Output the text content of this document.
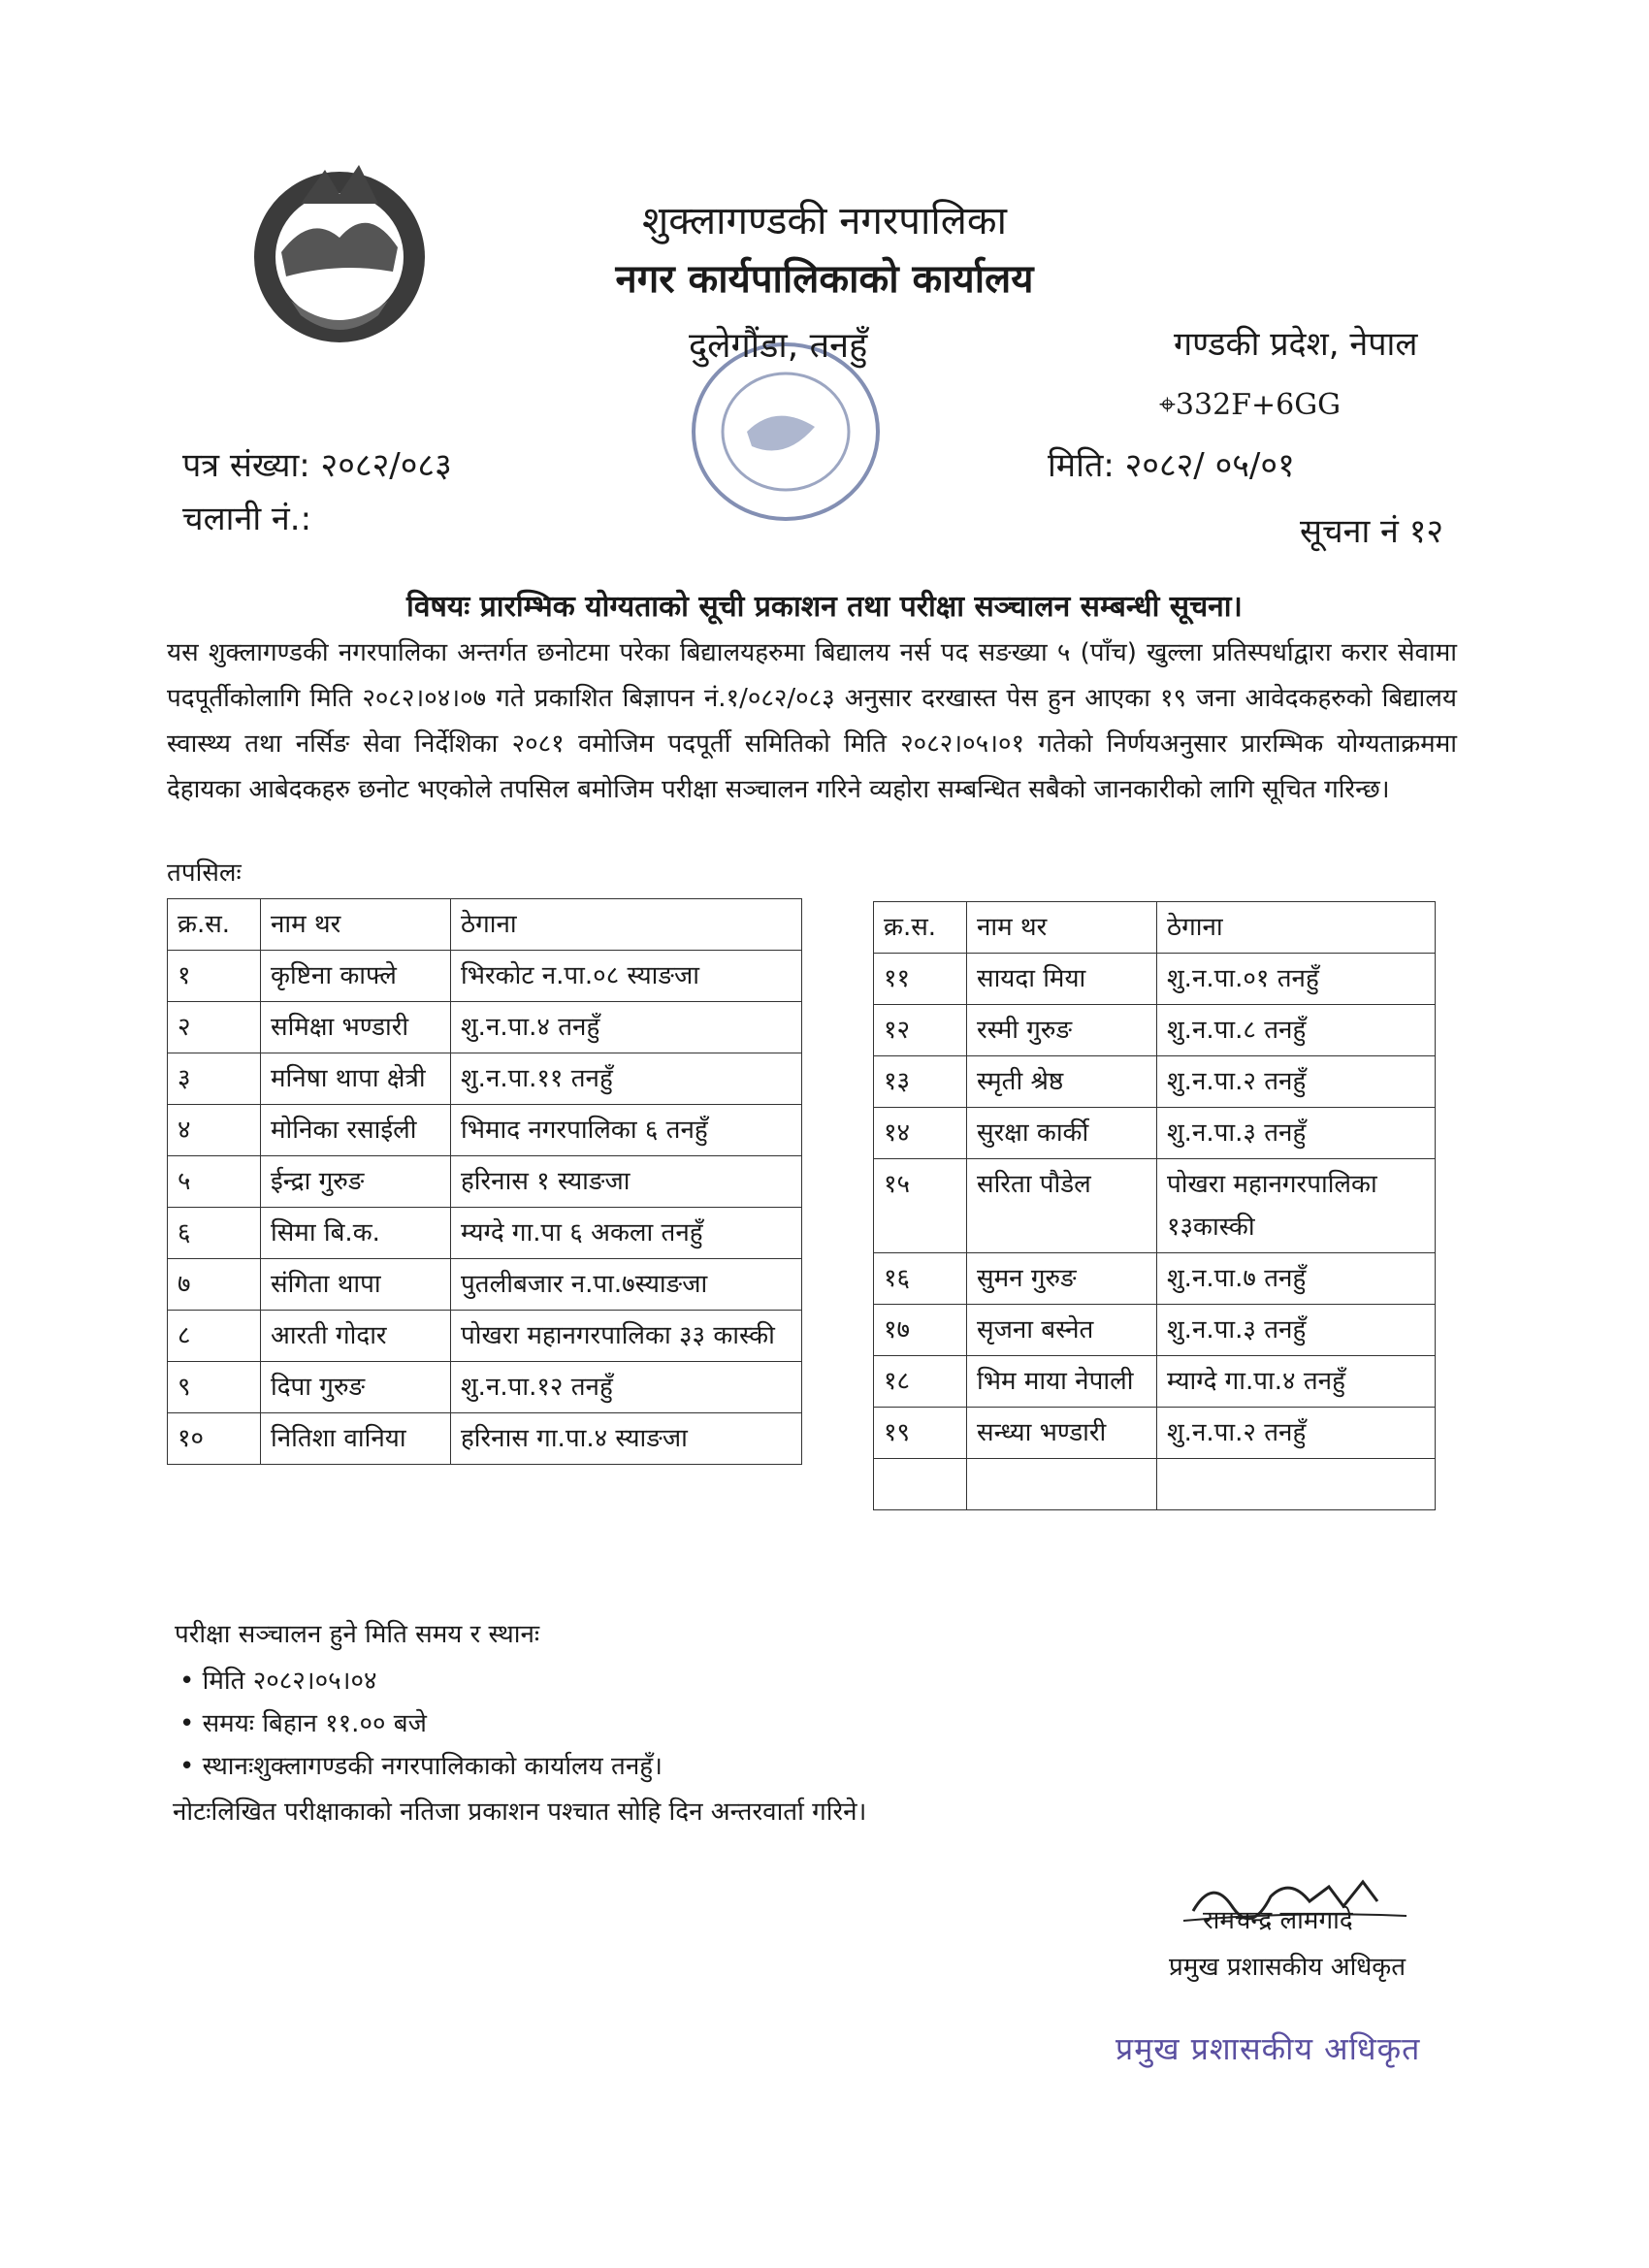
शुक्लागण्डकी नगरपालिका
नगर कार्यपालिकाको कार्यालय
दुलेगौंडा, तनहुँ	गण्डकी प्रदेश, नेपाल
⌖332F+6GG
पत्र संख्या: २०८२/०८३	मिति: २०८२/ ०५/०१
चलानी नं.:	सूचना नं १२
विषयः प्रारम्भिक योग्यताको सूची प्रकाशन तथा परीक्षा सञ्चालन सम्बन्धी सूचना।
यस शुक्लागण्डकी नगरपालिका अन्तर्गत छनोटमा परेका बिद्यालयहरुमा बिद्यालय नर्स पद सङख्या ५ (पाँच) खुल्ला प्रतिस्पर्धाद्वारा करार सेवामा पदपूर्तीकोलागि मिति २०८२।०४।०७ गते प्रकाशित बिज्ञापन नं.१/०८२/०८३ अनुसार दरखास्त पेस हुन आएका १९ जना आवेदकहरुको बिद्यालय स्वास्थ्य तथा नर्सिङ सेवा निर्देशिका २०८१ वमोजिम पदपूर्ती समितिको मिति २०८२।०५।०१ गतेको निर्णयअनुसार प्रारम्भिक योग्यताक्रममा देहायका आबेदकहरु छनोट भएकोले तपसिल बमोजिम परीक्षा सञ्चालन गरिने व्यहोरा सम्बन्धित सबैको जानकारीको लागि सूचित गरिन्छ।
तपसिलः
क्र.स.	नाम थर	ठेगाना
१	कृष्टिना काफ्ले	भिरकोट न.पा.०८ स्याङजा
२	समिक्षा भण्डारी	शु.न.पा.४ तनहुँ
३	मनिषा थापा क्षेत्री	शु.न.पा.११ तनहुँ
४	मोनिका रसाईली	भिमाद नगरपालिका ६ तनहुँ
५	ईन्द्रा गुरुङ	हरिनास १ स्याङजा
६	सिमा बि.क.	म्यग्दे गा.पा ६ अकला तनहुँ
७	संगिता थापा	पुतलीबजार न.पा.७स्याङजा
८	आरती गोदार	पोखरा महानगरपालिका ३३ कास्की
९	दिपा गुरुङ	शु.न.पा.१२ तनहुँ
१०	नितिशा वानिया	हरिनास गा.पा.४ स्याङजा
क्र.स.	नाम थर	ठेगाना
११	सायदा मिया	शु.न.पा.०१ तनहुँ
१२	रस्मी गुरुङ	शु.न.पा.८ तनहुँ
१३	स्मृती श्रेष्ठ	शु.न.पा.२ तनहुँ
१४	सुरक्षा कार्की	शु.न.पा.३ तनहुँ
१५	सरिता पौडेल	पोखरा महानगरपालिका १३कास्की
१६	सुमन गुरुङ	शु.न.पा.७ तनहुँ
१७	सृजना बस्नेत	शु.न.पा.३ तनहुँ
१८	भिम माया नेपाली	म्याग्दे गा.पा.४ तनहुँ
१९	सन्ध्या भण्डारी	शु.न.पा.२ तनहुँ

परीक्षा सञ्चालन हुने मिति समय र स्थानः
• मिति २०८२।०५।०४
• समयः बिहान ११.०० बजे
• स्थानःशुक्लागण्डकी नगरपालिकाको कार्यालय तनहुँ।
नोटःलिखित परीक्षाकाको नतिजा प्रकाशन पश्चात सोहि दिन अन्तरवार्ता गरिने।
रामचन्द्र लामगादे
प्रमुख प्रशासकीय अधिकृत
प्रमुख प्रशासकीय अधिकृत
